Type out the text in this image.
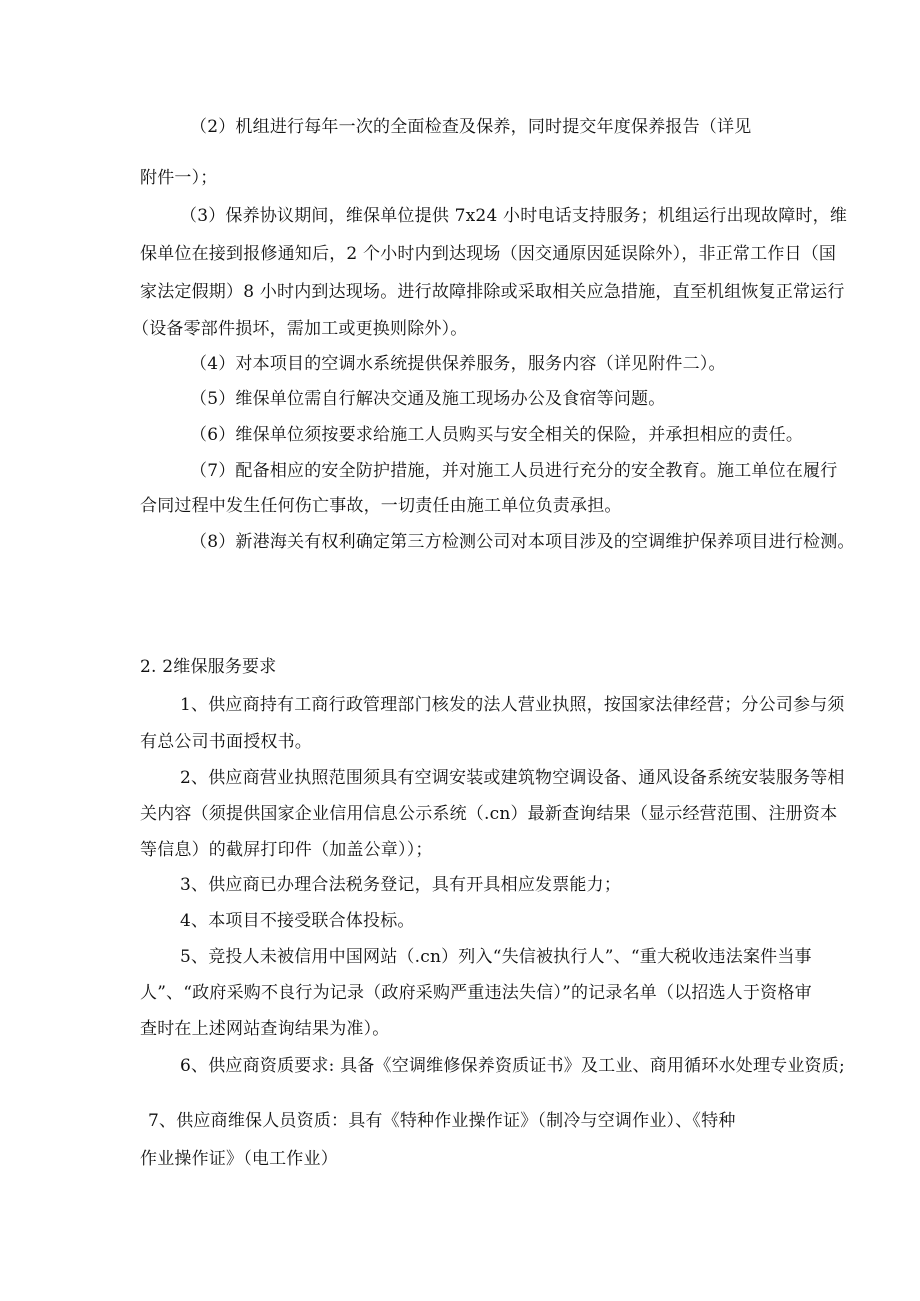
（2）机组进行每年一次的全面检查及保养，同时提交年度保养报告（详见
附件一）；
（3）保养协议期间，维保单位提供 7x24 小时电话支持服务；机组运行出现故障时，维
保单位在接到报修通知后，2 个小时内到达现场（因交通原因延误除外），非正常工作日（国
家法定假期）8 小时内到达现场。进行故障排除或采取相关应急措施，直至机组恢复正常运行
（设备零部件损坏，需加工或更换则除外）。
（4）对本项目的空调水系统提供保养服务，服务内容（详见附件二）。
（5）维保单位需自行解决交通及施工现场办公及食宿等问题。
（6）维保单位须按要求给施工人员购买与安全相关的保险，并承担相应的责任。
（7）配备相应的安全防护措施，并对施工人员进行充分的安全教育。施工单位在履行
合同过程中发生任何伤亡事故，一切责任由施工单位负责承担。
（8）新港海关有权利确定第三方检测公司对本项目涉及的空调维护保养项目进行检测。
2. 2维保服务要求
1、供应商持有工商行政管理部门核发的法人营业执照，按国家法律经营；分公司参与须
有总公司书面授权书。
2、供应商营业执照范围须具有空调安装或建筑物空调设备、通风设备系统安装服务等相
关内容（须提供国家企业信用信息公示系统（.cn）最新查询结果（显示经营范围、注册资本
等信息）的截屏打印件（加盖公章））；
3、供应商已办理合法税务登记，具有开具相应发票能力；
4、本项目不接受联合体投标。
5、竞投人未被信用中国网站（.cn）列入“失信被执行人”、“重大税收违法案件当事
人”、“政府采购不良行为记录（政府采购严重违法失信）”的记录名单（以招选人于资格审
查时在上述网站查询结果为准）。
6、供应商资质要求: 具备《空调维修保养资质证书》及工业、商用循环水处理专业资质;
7、供应商维保人员资质：具有《特种作业操作证》（制冷与空调作业）、《特种
作业操作证》（电工作业）
